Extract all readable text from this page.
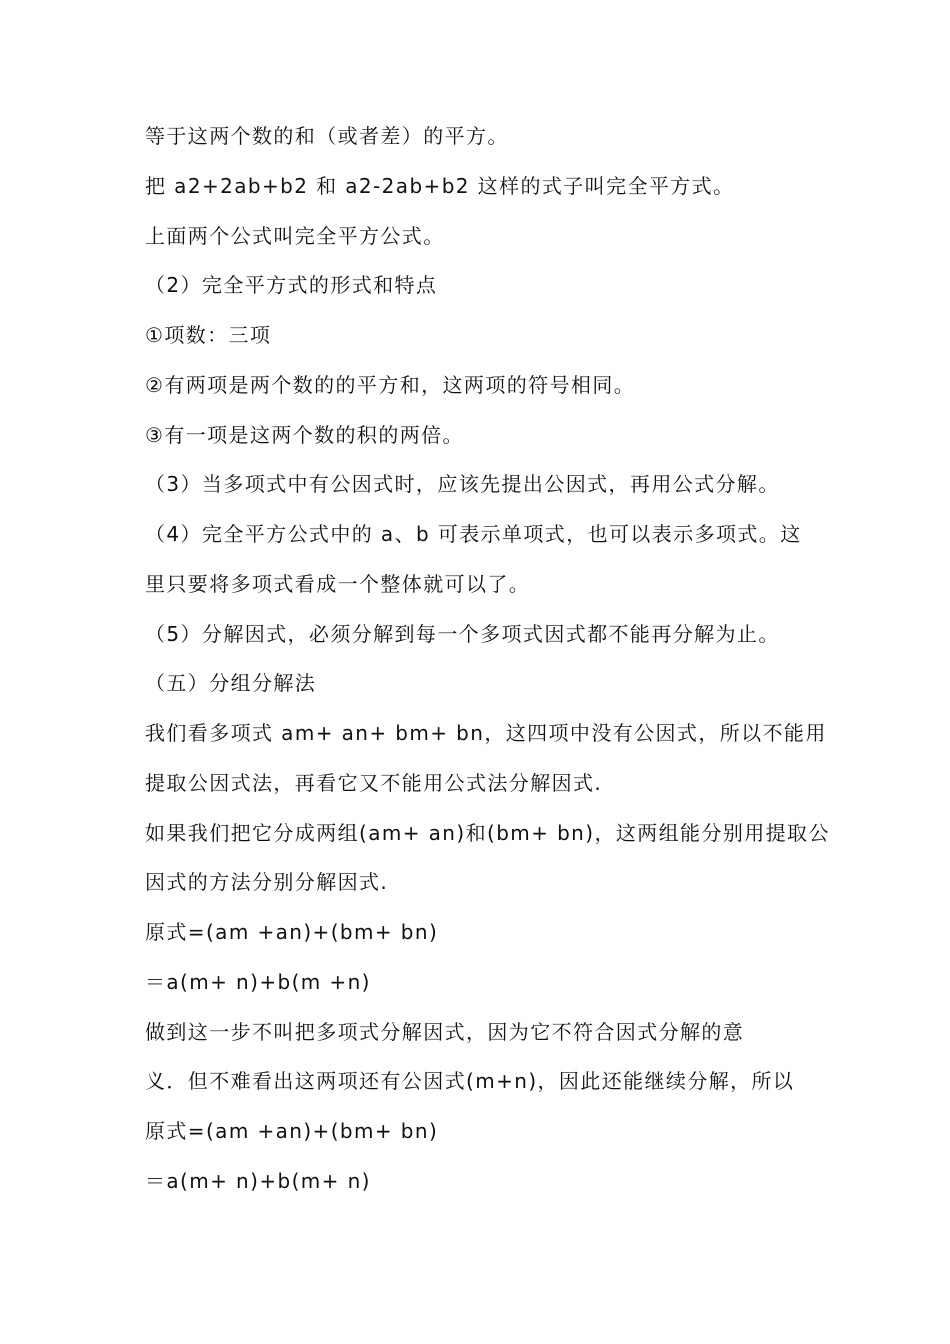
等于这两个数的和（或者差）的平方。
把 a2+2ab+b2 和 a2-2ab+b2 这样的式子叫完全平方式。
上面两个公式叫完全平方公式。
（2）完全平方式的形式和特点
①项数：三项
②有两项是两个数的的平方和，这两项的符号相同。
③有一项是这两个数的积的两倍。
（3）当多项式中有公因式时，应该先提出公因式，再用公式分解。
（4）完全平方公式中的 a、b 可表示单项式，也可以表示多项式。这
里只要将多项式看成一个整体就可以了。
（5）分解因式，必须分解到每一个多项式因式都不能再分解为止。
（五）分组分解法
我们看多项式 am+ an+ bm+ bn，这四项中没有公因式，所以不能用
提取公因式法，再看它又不能用公式法分解因式.
如果我们把它分成两组(am+ an)和(bm+ bn)，这两组能分别用提取公
因式的方法分别分解因式.
原式=(am +an)+(bm+ bn)
＝a(m+ n)+b(m +n)
做到这一步不叫把多项式分解因式，因为它不符合因式分解的意
义．但不难看出这两项还有公因式(m+n)，因此还能继续分解，所以
原式=(am +an)+(bm+ bn)
＝a(m+ n)+b(m+ n)
